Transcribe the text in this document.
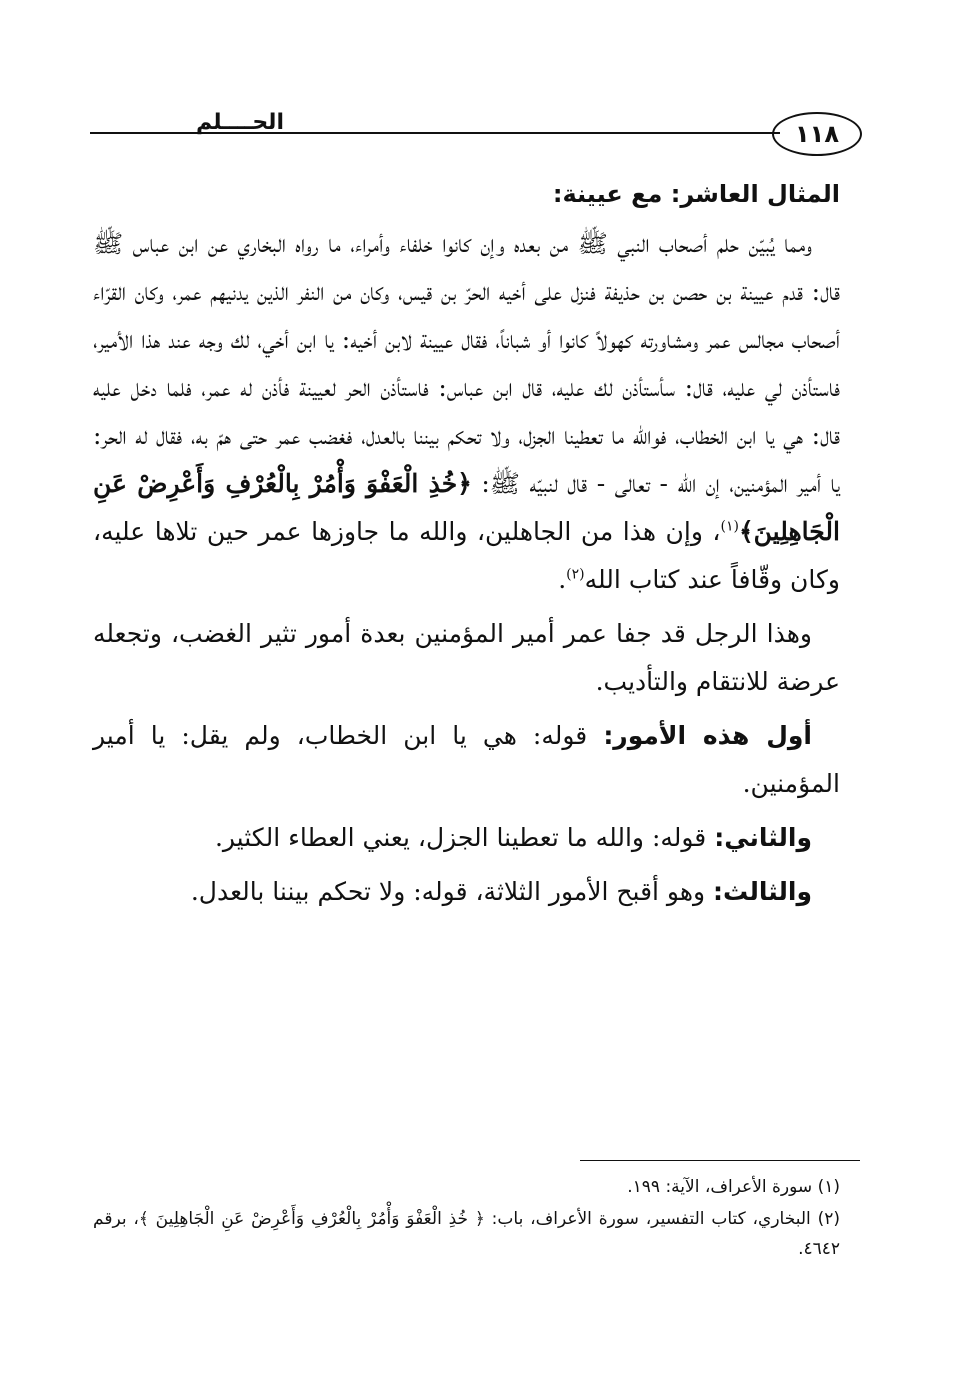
الحــــلم	١١٨

المثال العاشر: مع عيينة:

ومما يُبيّن حلم أصحاب النبي ﷺ من بعده وإن كانوا خلفاء وأمراء، ما رواه البخاري عن ابن عباس ﷺ قال: قدم عيينة بن حصن بن حذيفة فنزل على أخيه الحرّ بن قيس، وكان من النفر الذين يدنيهم عمر، وكان القرّاء أصحاب مجالس عمر ومشاورته كهولاً كانوا أو شباناً، فقال عيينة لابن أخيه: يا ابن أخي، لك وجه عند هذا الأمير، فاستأذن لي عليه، قال: سأستأذن لك عليه، قال ابن عباس: فاستأذن الحر لعيينة فأذن له عمر، فلما دخل عليه قال: هي يا ابن الخطاب، فوالله ما تعطينا الجزل، ولا تحكم بيننا بالعدل، فغضب عمر حتى همّ به، فقال له الحر: يا أمير المؤمنين، إن الله - تعالى - قال لنبيّه ﷺ: ﴿خُذِ الْعَفْوَ وَأْمُرْ بِالْعُرْفِ وَأَعْرِضْ عَنِ الْجَاهِلِينَ﴾$^{(١)}$، وإن هذا من الجاهلين، والله ما جاوزها عمر حين تلاها عليه، وكان وقّافاً عند كتاب الله$^{(٢)}$.

وهذا الرجل قد جفا عمر أمير المؤمنين بعدة أمور تثير الغضب، وتجعله عرضة للانتقام والتأديب.

أول هذه الأمور: قوله: هي يا ابن الخطاب، ولم يقل: يا أمير المؤمنين.

والثاني: قوله: والله ما تعطينا الجزل، يعني العطاء الكثير.

والثالث: وهو أقبح الأمور الثلاثة، قوله: ولا تحكم بيننا بالعدل.

(١) سورة الأعراف، الآية: ١٩٩.

(٢) البخاري، كتاب التفسير، سورة الأعراف، باب: ﴿ خُذِ الْعَفْوَ وَأْمُرْ بِالْعُرْفِ وَأَعْرِضْ عَنِ الْجَاهِلِينَ ﴾، برقم ٤٦٤٢.
